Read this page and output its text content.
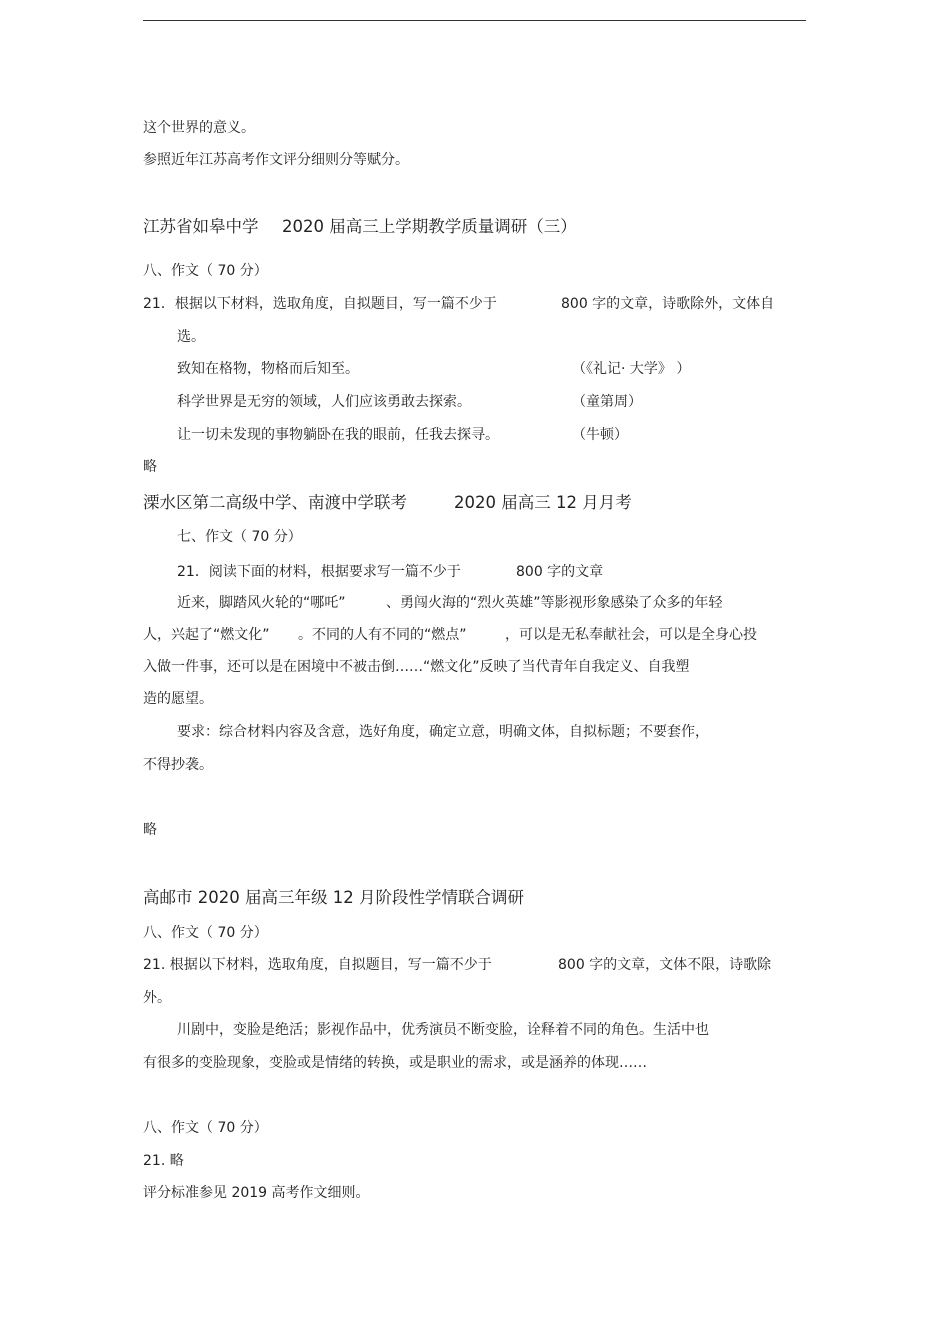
这个世界的意义。
参照近年江苏高考作文评分细则分等赋分。
江苏省如皋中学 2020 届高三上学期教学质量调研（三）
八、作文（ 70 分）
21．根据以下材料，选取角度，自拟题目，写一篇不少于	800 字的文章，诗歌除外，文体自
选。
致知在格物，物格而后知至。	（《礼记· 大学》 ）
科学世界是无穷的领域，人们应该勇敢去探索。	（童第周）
让一切未发现的事物躺卧在我的眼前，任我去探寻。	（牛顿）
略
溧水区第二高级中学、南渡中学联考	2020 届高三 12 月月考
七、作文（ 70 分）
21．阅读下面的材料，根据要求写一篇不少于	800 字的文章
近来，脚踏风火轮的“哪吒”	、勇闯火海的“烈火英雄”等影视形象感染了众多的年轻
人，兴起了“燃文化” 。不同的人有不同的“燃点”	，可以是无私奉献社会，可以是全身心投
入做一件事，还可以是在困境中不被击倒……“燃文化”反映了当代青年自我定义、自我塑
造的愿望。
要求：综合材料内容及含意，选好角度，确定立意，明确文体，自拟标题；不要套作，
不得抄袭。
略
高邮市 2020 届高三年级 12 月阶段性学情联合调研
八、作文（ 70 分）
21. 根据以下材料，选取角度，自拟题目，写一篇不少于	800 字的文章，文体不限，诗歌除
外。
川剧中，变脸是绝活；影视作品中，优秀演员不断变脸，诠释着不同的角色。生活中也
有很多的变脸现象，变脸或是情绪的转换，或是职业的需求，或是涵养的体现……
八、作文（ 70 分）
21. 略
评分标准参见 2019 高考作文细则。
